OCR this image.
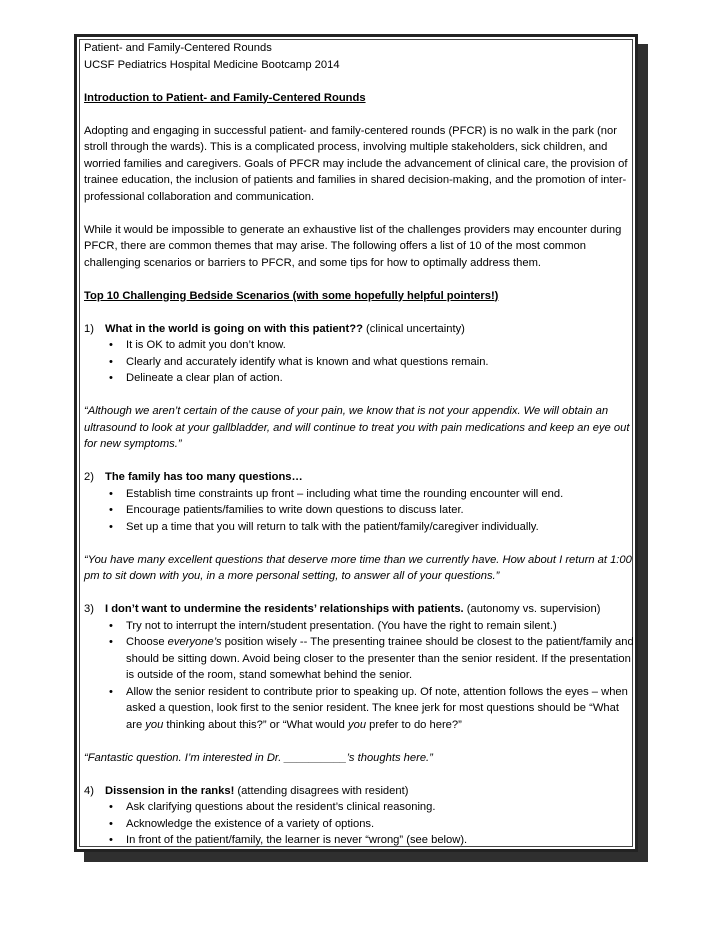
Patient- and Family-Centered Rounds

UCSF Pediatrics Hospital Medicine Bootcamp 2014

Introduction to Patient- and Family-Centered Rounds

Adopting and engaging in successful patient- and family-centered rounds (PFCR) is no walk in the park (nor stroll through the wards). This is a complicated process, involving multiple stakeholders, sick children, and worried families and caregivers. Goals of PFCR may include the advancement of clinical care, the provision of trainee education, the inclusion of patients and families in shared decision-making, and the promotion of inter-professional collaboration and communication.

While it would be impossible to generate an exhaustive list of the challenges providers may encounter during PFCR, there are common themes that may arise. The following offers a list of 10 of the most common challenging scenarios or barriers to PFCR, and some tips for how to optimally address them.

Top 10 Challenging Bedside Scenarios (with some hopefully helpful pointers!)

1) What in the world is going on with this patient?? (clinical uncertainty)
• It is OK to admit you don’t know.
• Clearly and accurately identify what is known and what questions remain.
• Delineate a clear plan of action.

“Although we aren’t certain of the cause of your pain, we know that is not your appendix. We will obtain an ultrasound to look at your gallbladder, and will continue to treat you with pain medications and keep an eye out for new symptoms.”

2) The family has too many questions…
• Establish time constraints up front – including what time the rounding encounter will end.
• Encourage patients/families to write down questions to discuss later.
• Set up a time that you will return to talk with the patient/family/caregiver individually.

“You have many excellent questions that deserve more time than we currently have. How about I return at 1:00 pm to sit down with you, in a more personal setting, to answer all of your questions.”

3) I don’t want to undermine the residents’ relationships with patients. (autonomy vs. supervision)
• Try not to interrupt the intern/student presentation. (You have the right to remain silent.)
• Choose everyone’s position wisely -- The presenting trainee should be closest to the patient/family and should be sitting down. Avoid being closer to the presenter than the senior resident. If the presentation is outside of the room, stand somewhat behind the senior.
• Allow the senior resident to contribute prior to speaking up. Of note, attention follows the eyes – when asked a question, look first to the senior resident. The knee jerk for most questions should be “What are you thinking about this?” or “What would you prefer to do here?”

“Fantastic question. I’m interested in Dr. __________’s thoughts here.”

4) Dissension in the ranks! (attending disagrees with resident)
• Ask clarifying questions about the resident’s clinical reasoning.
• Acknowledge the existence of a variety of options.
• In front of the patient/family, the learner is never “wrong” (see below).
